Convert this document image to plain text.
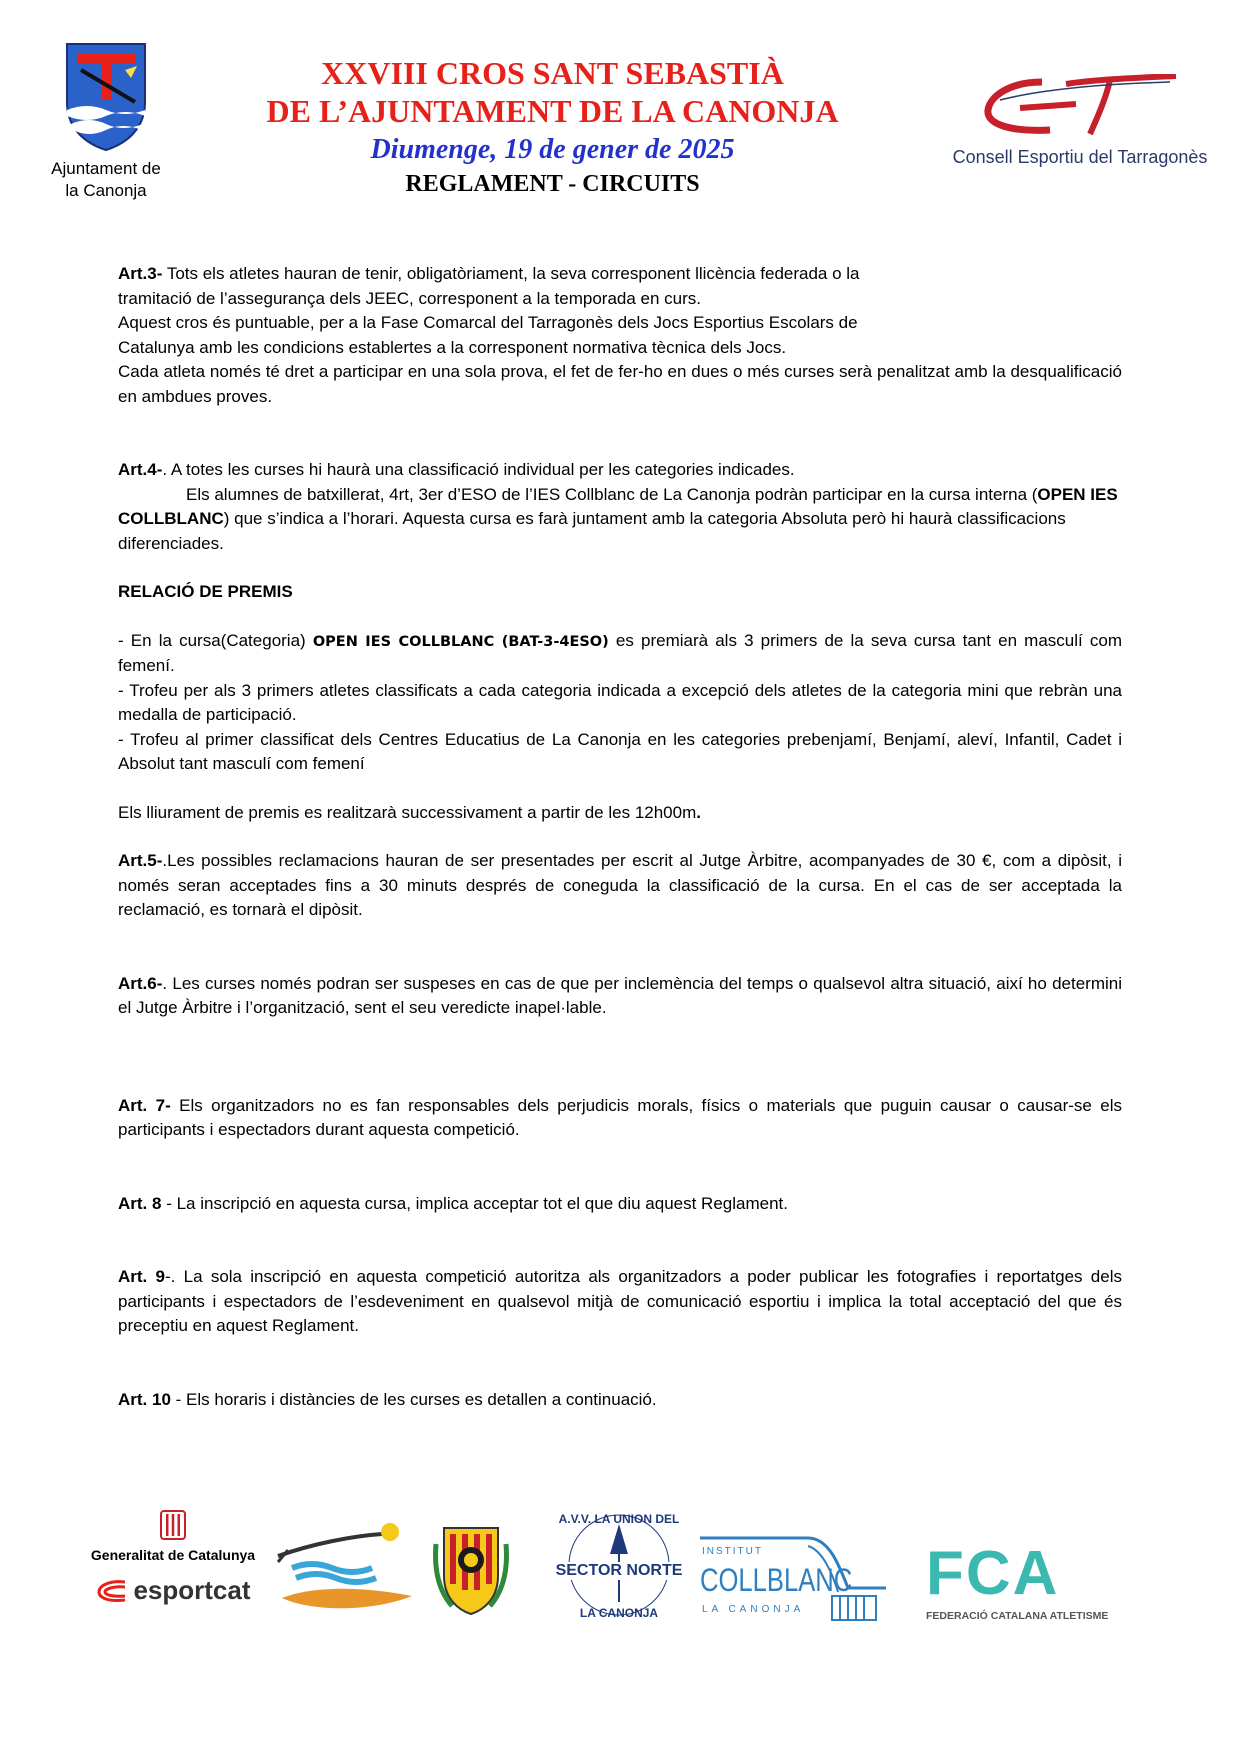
Ajuntament de
la Canonja
XXVIII CROS SANT SEBASTIÀ
DE L’AJUNTAMENT DE LA CANONJA
Diumenge, 19 de gener de 2025
REGLAMENT - CIRCUITS
CET
Consell Esportiu del Tarragonès

Art.3- Tots els atletes hauran de tenir, obligatòriament, la seva corresponent llicència federada o la

tramitació de l’assegurança dels JEEC, corresponent a la temporada en curs.

Aquest cros és puntuable, per a la Fase Comarcal del Tarragonès dels Jocs Esportius Escolars de

Catalunya amb les condicions establertes a la corresponent normativa tècnica dels Jocs.

Cada atleta només té dret a participar en una sola prova, el fet de fer-ho en dues o més curses serà penalitzat amb la desqualificació en ambdues proves.

Art.4-. A totes les curses hi haurà una classificació individual per les categories indicades.

Els alumnes de batxillerat, 4rt, 3er d’ESO de l’IES Collblanc de La Canonja podràn participar en la cursa interna (OPEN IES COLLBLANC) que s’indica a l’horari. Aquesta cursa es farà juntament amb la categoria Absoluta però hi haurà classificacions diferenciades.

RELACIÓ DE PREMIS

- En la cursa(Categoria) OPEN IES COLLBLANC (BAT-3-4ESO) es premiarà als 3 primers de la seva cursa tant en masculí com femení.

- Trofeu per als 3 primers atletes classificats a cada categoria indicada a excepció dels atletes de la categoria mini que rebràn una medalla de participació.

- Trofeu al primer classificat dels Centres Educatius de La Canonja en les categories prebenjamí, Benjamí, aleví, Infantil, Cadet i Absolut tant masculí com femení

Els lliurament de premis es realitzarà successivament a partir de les 12h00m.

Art.5-.Les possibles reclamacions hauran de ser presentades per escrit al Jutge Àrbitre, acompanyades de 30 €, com a dipòsit, i només seran acceptades fins a 30 minuts després de coneguda la classificació de la cursa. En el cas de ser acceptada la reclamació, es tornarà el dipòsit.

Art.6-. Les curses només podran ser suspeses en cas de que per inclemència del temps o qualsevol altra situació, així ho determini el Jutge Àrbitre i l’organització, sent el seu veredicte inapel·lable.

Art. 7- Els organitzadors no es fan responsables dels perjudicis morals, físics o materials que puguin causar o causar-se els participants i espectadors durant aquesta competició.

Art. 8 - La inscripció en aquesta cursa, implica acceptar tot el que diu aquest Reglament.

Art. 9-. La sola inscripció en aquesta competició autoritza als organitzadors a poder publicar les fotografies i reportatges dels participants i espectadors de l’esdeveniment en qualsevol mitjà de comunicació esportiu i implica la total acceptació del que és preceptiu en aquest Reglament.

Art. 10 - Els horaris i distàncies de les curses es detallen a continuació.

Generalitat de Catalunya
esportcat
A.V.V. LA UNION DEL
SECTOR NORTE
LA CANONJA
INSTITUT
COLLBLANC
LA CANONJA
FCA
FEDERACIÓ CATALANA ATLETISME
